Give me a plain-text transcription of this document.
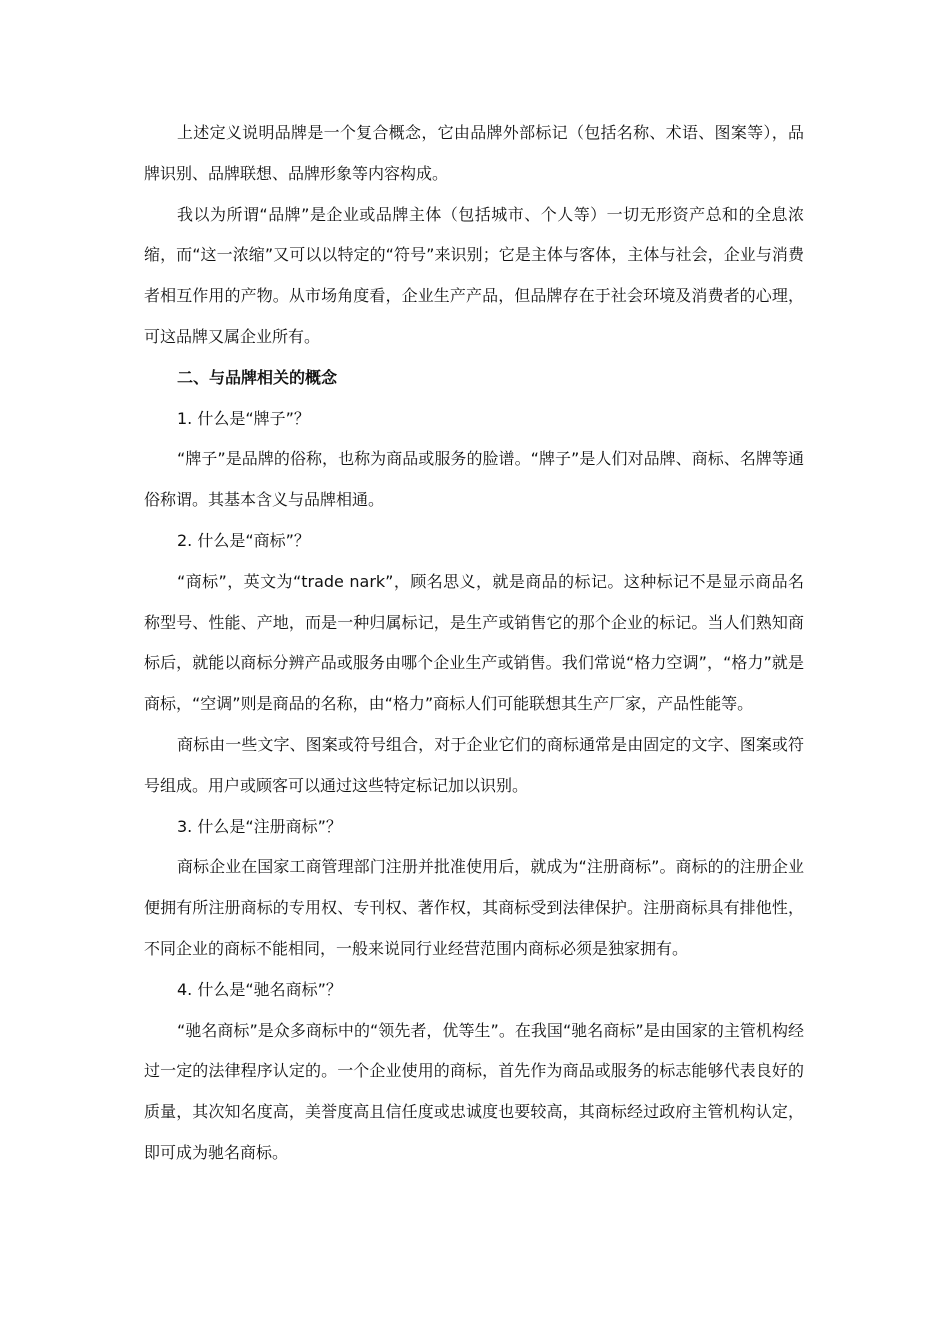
上述定义说明品牌是一个复合概念，它由品牌外部标记（包括名称、术语、图案等），品牌识别、品牌联想、品牌形象等内容构成。

我以为所谓“品牌”是企业或品牌主体（包括城市、个人等）一切无形资产总和的全息浓缩，而“这一浓缩”又可以以特定的“符号”来识别；它是主体与客体，主体与社会，企业与消费者相互作用的产物。从市场角度看，企业生产产品，但品牌存在于社会环境及消费者的心理，可这品牌又属企业所有。

二、与品牌相关的概念

1. 什么是“牌子”？

“牌子”是品牌的俗称，也称为商品或服务的脸谱。“牌子”是人们对品牌、商标、名牌等通俗称谓。其基本含义与品牌相通。

2. 什么是“商标”？

“商标”，英文为“trade nark”，顾名思义，就是商品的标记。这种标记不是显示商品名称型号、性能、产地，而是一种归属标记，是生产或销售它的那个企业的标记。当人们熟知商标后，就能以商标分辨产品或服务由哪个企业生产或销售。我们常说“格力空调”，“格力”就是商标，“空调”则是商品的名称，由“格力”商标人们可能联想其生产厂家，产品性能等。

商标由一些文字、图案或符号组合，对于企业它们的商标通常是由固定的文字、图案或符号组成。用户或顾客可以通过这些特定标记加以识别。

3. 什么是“注册商标”？

商标企业在国家工商管理部门注册并批准使用后，就成为“注册商标”。商标的的注册企业便拥有所注册商标的专用权、专刊权、著作权，其商标受到法律保护。注册商标具有排他性，不同企业的商标不能相同，一般来说同行业经营范围内商标必须是独家拥有。

4. 什么是“驰名商标”？

“驰名商标”是众多商标中的“领先者，优等生”。在我国“驰名商标”是由国家的主管机构经过一定的法律程序认定的。一个企业使用的商标，首先作为商品或服务的标志能够代表良好的质量，其次知名度高，美誉度高且信任度或忠诚度也要较高，其商标经过政府主管机构认定，即可成为驰名商标。
